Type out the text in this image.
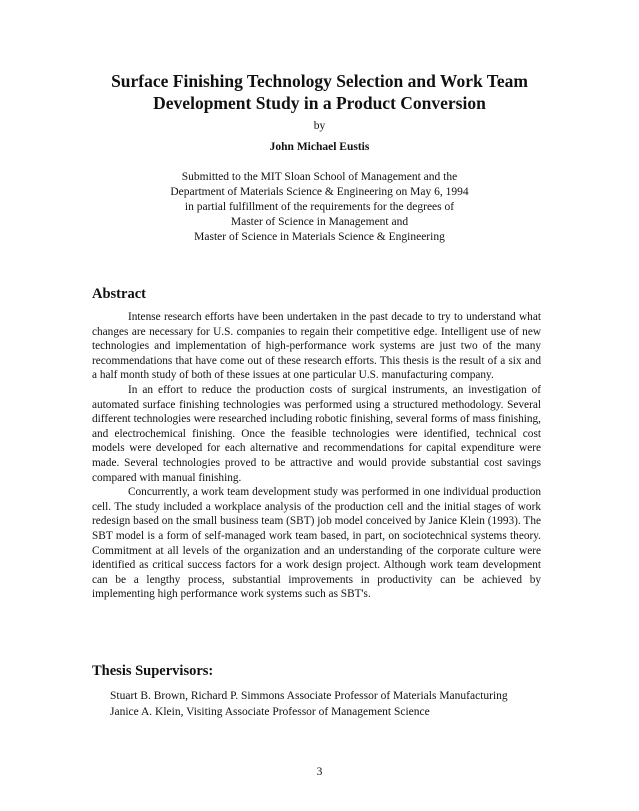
Surface Finishing Technology Selection and Work Team
Development Study in a Product Conversion
by
John Michael Eustis
Submitted to the MIT Sloan School of Management and the
Department of Materials Science & Engineering on May 6, 1994
in partial fulfillment of the requirements for the degrees of
Master of Science in Management and
Master of Science in Materials Science & Engineering
Abstract

Intense research efforts have been undertaken in the past decade to try to understand what changes are necessary for U.S. companies to regain their competitive edge. Intelligent use of new technologies and implementation of high-performance work systems are just two of the many recommendations that have come out of these research efforts. This thesis is the result of a six and a half month study of both of these issues at one particular U.S. manufacturing company.

In an effort to reduce the production costs of surgical instruments, an investigation of automated surface finishing technologies was performed using a structured methodology. Several different technologies were researched including robotic finishing, several forms of mass finishing, and electrochemical finishing. Once the feasible technologies were identified, technical cost models were developed for each alternative and recommendations for capital expenditure were made. Several technologies proved to be attractive and would provide substantial cost savings compared with manual finishing.

Concurrently, a work team development study was performed in one individual production cell. The study included a workplace analysis of the production cell and the initial stages of work redesign based on the small business team (SBT) job model conceived by Janice Klein (1993). The SBT model is a form of self-managed work team based, in part, on sociotechnical systems theory. Commitment at all levels of the organization and an understanding of the corporate culture were identified as critical success factors for a work design project. Although work team development can be a lengthy process, substantial improvements in productivity can be achieved by implementing high performance work systems such as SBT's.

Thesis Supervisors:
Stuart B. Brown, Richard P. Simmons Associate Professor of Materials Manufacturing
Janice A. Klein, Visiting Associate Professor of Management Science
3
